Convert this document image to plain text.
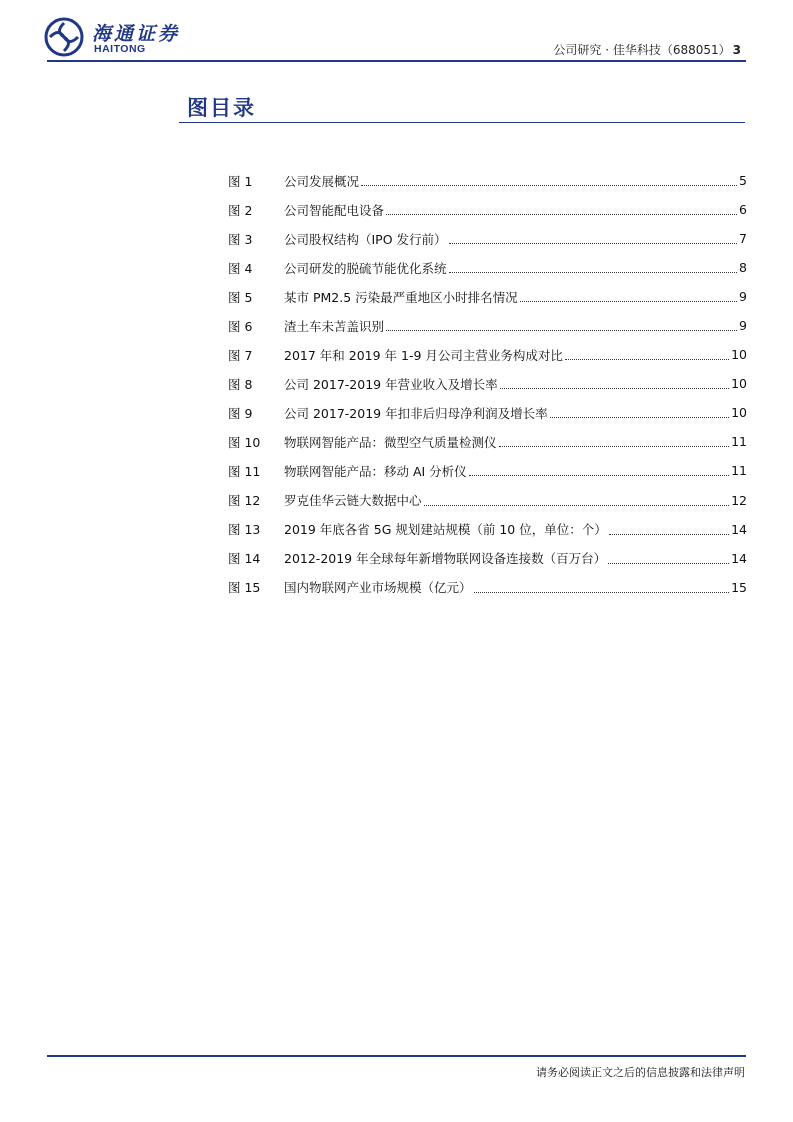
海通证券
HAITONG	公司研究 · 佳华科技（688051） 3
图目录
图 1	公司发展概况	5
图 2	公司智能配电设备	6
图 3	公司股权结构（IPO 发行前）	7
图 4	公司研发的脱硫节能优化系统	8
图 5	某市 PM2.5 污染最严重地区小时排名情况	9
图 6	渣土车未苫盖识别	9
图 7	2017 年和 2019 年 1-9 月公司主营业务构成对比	10
图 8	公司 2017-2019 年营业收入及增长率	10
图 9	公司 2017-2019 年扣非后归母净利润及增长率	10
图 10	物联网智能产品：微型空气质量检测仪	11
图 11	物联网智能产品：移动 AI 分析仪	11
图 12	罗克佳华云链大数据中心	12
图 13	2019 年底各省 5G 规划建站规模（前 10 位，单位：个）	14
图 14	2012-2019 年全球每年新增物联网设备连接数（百万台）	14
图 15	国内物联网产业市场规模（亿元）	15
请务必阅读正文之后的信息披露和法律声明
